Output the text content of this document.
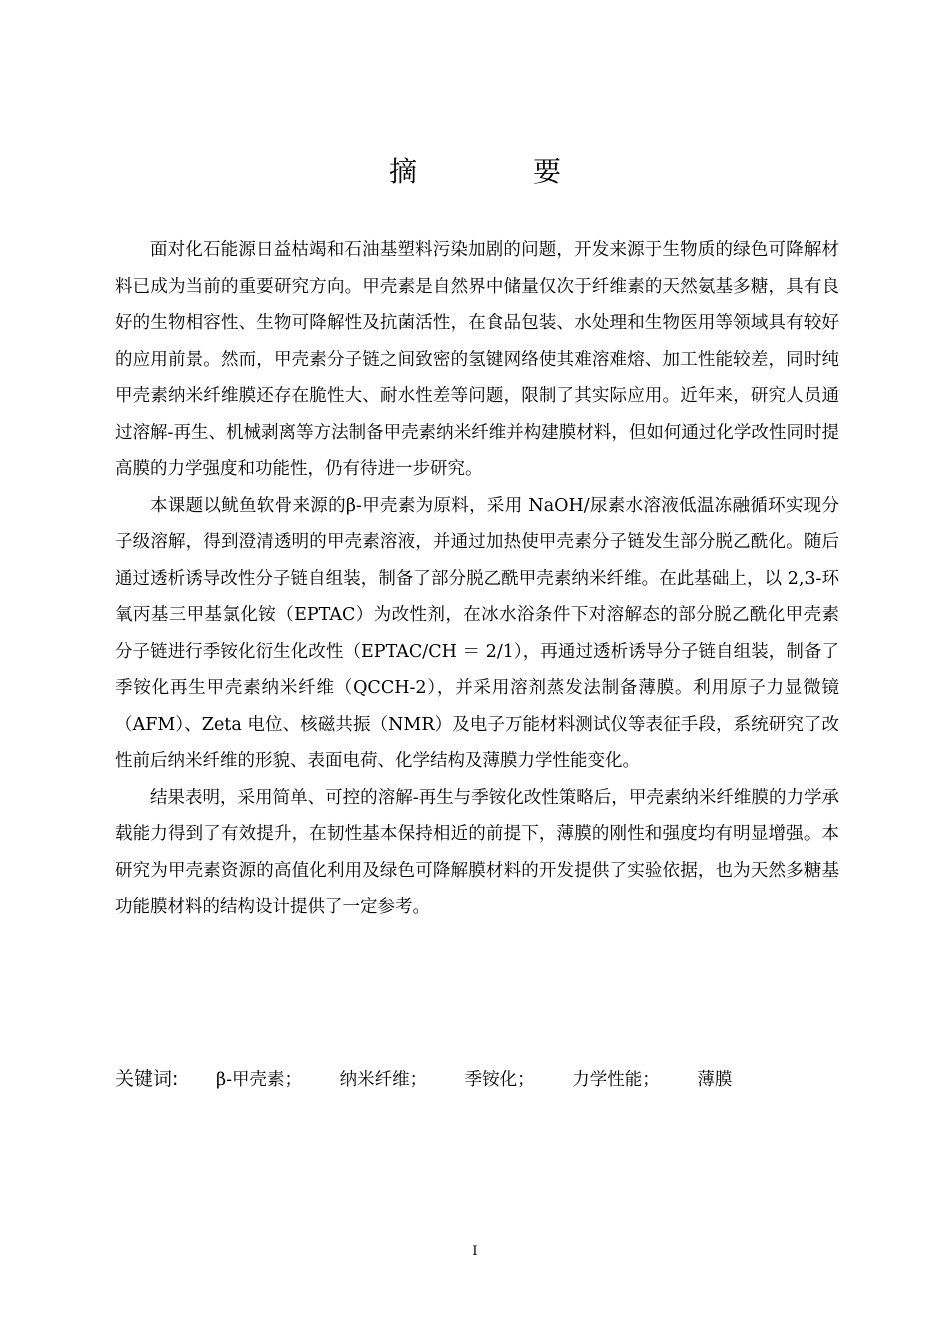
摘　要

面对化石能源日益枯竭和石油基塑料污染加剧的问题，开发来源于生物质的绿色可降解材料已成为当前的重要研究方向。甲壳素是自然界中储量仅次于纤维素的天然氨基多糖，具有良好的生物相容性、生物可降解性及抗菌活性，在食品包装、水处理和生物医用等领域具有较好的应用前景。然而，甲壳素分子链之间致密的氢键网络使其难溶难熔、加工性能较差，同时纯甲壳素纳米纤维膜还存在脆性大、耐水性差等问题，限制了其实际应用。近年来，研究人员通过溶解-再生、机械剥离等方法制备甲壳素纳米纤维并构建膜材料，但如何通过化学改性同时提高膜的力学强度和功能性，仍有待进一步研究。

本课题以鱿鱼软骨来源的β-甲壳素为原料，采用 NaOH/尿素水溶液低温冻融循环实现分子级溶解，得到澄清透明的甲壳素溶液，并通过加热使甲壳素分子链发生部分脱乙酰化。随后通过透析诱导改性分子链自组装，制备了部分脱乙酰甲壳素纳米纤维。在此基础上，以 2,3-环氧丙基三甲基氯化铵（EPTAC）为改性剂，在冰水浴条件下对溶解态的部分脱乙酰化甲壳素分子链进行季铵化衍生化改性（EPTAC/CH ＝ 2/1），再通过透析诱导分子链自组装，制备了季铵化再生甲壳素纳米纤维（QCCH-2），并采用溶剂蒸发法制备薄膜。利用原子力显微镜（AFM）、Zeta 电位、核磁共振（NMR）及电子万能材料测试仪等表征手段，系统研究了改性前后纳米纤维的形貌、表面电荷、化学结构及薄膜力学性能变化。

结果表明，采用简单、可控的溶解-再生与季铵化改性策略后，甲壳素纳米纤维膜的力学承载能力得到了有效提升，在韧性基本保持相近的前提下，薄膜的刚性和强度均有明显增强。本研究为甲壳素资源的高值化利用及绿色可降解膜材料的开发提供了实验依据，也为天然多糖基功能膜材料的结构设计提供了一定参考。

关键词: β-甲壳素； 纳米纤维； 季铵化； 力学性能； 薄膜
I
